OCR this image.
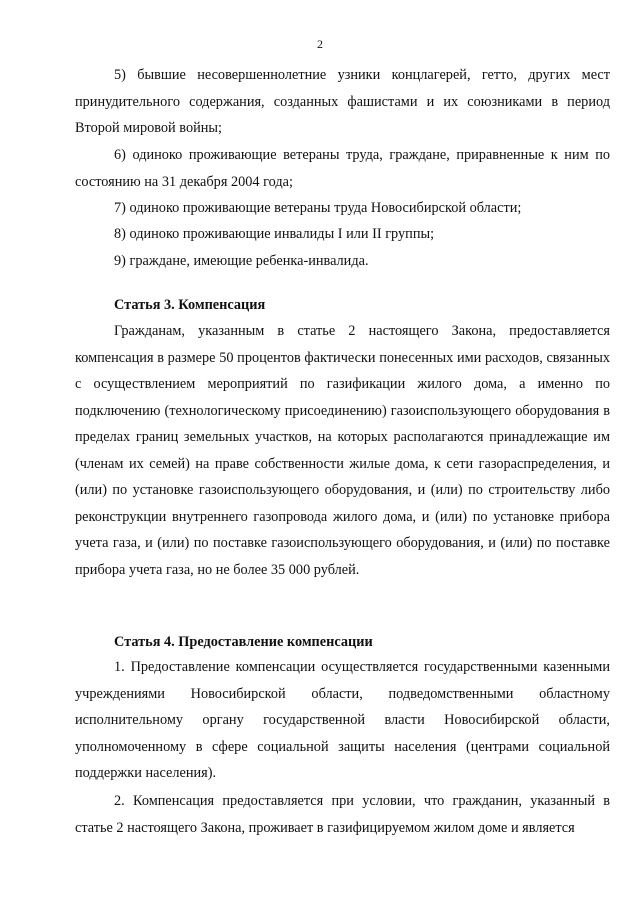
2

5) бывшие несовершеннолетние узники концлагерей, гетто, других мест принудительного содержания, созданных фашистами и их союзниками в период Второй мировой войны;

6) одиноко проживающие ветераны труда, граждане, приравненные к ним по состоянию на 31 декабря 2004 года;

7) одиноко проживающие ветераны труда Новосибирской области;

8) одиноко проживающие инвалиды I или II группы;

9) граждане, имеющие ребенка-инвалида.

Статья 3. Компенсация

Гражданам, указанным в статье 2 настоящего Закона, предоставляется компенсация в размере 50 процентов фактически понесенных ими расходов, связанных с осуществлением мероприятий по газификации жилого дома, а именно по подключению (технологическому присоединению) газоиспользующего оборудования в пределах границ земельных участков, на которых располагаются принадлежащие им (членам их семей) на праве собственности жилые дома, к сети газораспределения, и (или) по установке газоиспользующего оборудования, и (или) по строительству либо реконструкции внутреннего газопровода жилого дома, и (или) по установке прибора учета газа, и (или) по поставке газоиспользующего оборудования, и (или) по поставке прибора учета газа, но не более 35 000 рублей.

Статья 4. Предоставление компенсации

1. Предоставление компенсации осуществляется государственными казенными учреждениями Новосибирской области, подведомственными областному исполнительному органу государственной власти Новосибирской области, уполномоченному в сфере социальной защиты населения (центрами социальной поддержки населения).

2. Компенсация предоставляется при условии, что гражданин, указанный в статье 2 настоящего Закона, проживает в газифицируемом жилом доме и является
